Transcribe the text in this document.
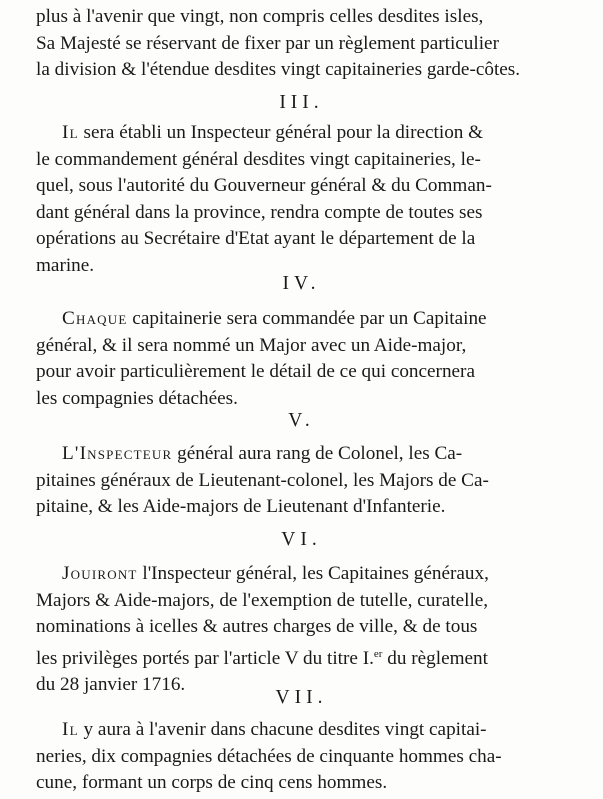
plus à l'avenir que vingt, non compris celles desdites isles,
Sa Majesté se réservant de fixer par un règlement particulier
la division & l'étendue desdites vingt capitaineries garde-côtes.
III.
Il sera établi un Inspecteur général pour la direction &
le commandement général desdites vingt capitaineries, le-
quel, sous l'autorité du Gouverneur général & du Comman-
dant général dans la province, rendra compte de toutes ses
opérations au Secrétaire d'Etat ayant le département de la
marine.
IV.
Chaque capitainerie sera commandée par un Capitaine
général, & il sera nommé un Major avec un Aide-major,
pour avoir particulièrement le détail de ce qui concernera
les compagnies détachées.
V.
L'Inspecteur général aura rang de Colonel, les Ca-
pitaines généraux de Lieutenant-colonel, les Majors de Ca-
pitaine, & les Aide-majors de Lieutenant d'Infanterie.
VI.
Jouiront l'Inspecteur général, les Capitaines généraux,
Majors & Aide-majors, de l'exemption de tutelle, curatelle,
nominations à icelles & autres charges de ville, & de tous
les privilèges portés par l'article V du titre I.$^{er}$ du règlement
du 28 janvier 1716.
VII.
Il y aura à l'avenir dans chacune desdites vingt capitai-
neries, dix compagnies détachées de cinquante hommes cha-
cune, formant un corps de cinq cens hommes.
